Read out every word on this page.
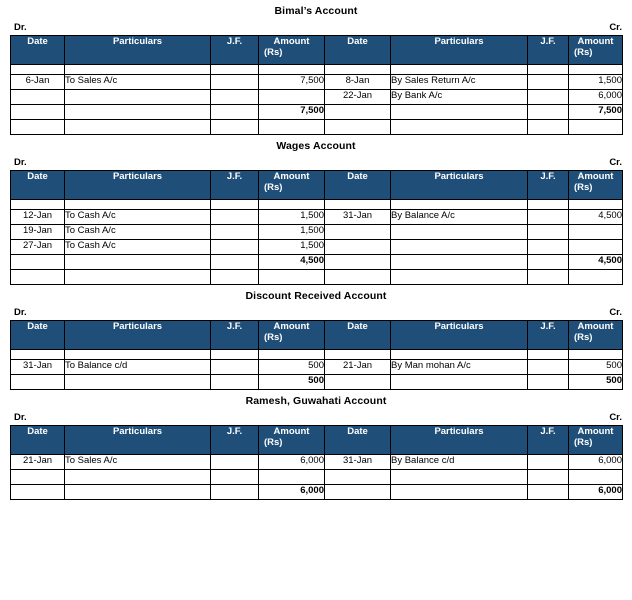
Bimal’s Account
Dr.	Cr.
Date	Particulars	J.F.	Amount
(Rs)	Date	Particulars	J.F.	Amount
(Rs)

6-Jan	To Sales A/c		7,500	8-Jan	By Sales Return A/c		1,500
				22-Jan	By Bank A/c		6,000
			7,500				7,500

Wages Account
Dr.	Cr.
Date	Particulars	J.F.	Amount
(Rs)	Date	Particulars	J.F.	Amount
(Rs)

12-Jan	To Cash A/c		1,500	31-Jan	By Balance A/c		4,500
19-Jan	To Cash A/c		1,500				
27-Jan	To Cash A/c		1,500				
			4,500				4,500

Discount Received Account
Dr.	Cr.
Date	Particulars	J.F.	Amount
(Rs)	Date	Particulars	J.F.	Amount
(Rs)

31-Jan	To Balance c/d		500	21-Jan	By Man mohan A/c		500
			500				500
Ramesh, Guwahati Account
Dr.	Cr.
Date	Particulars	J.F.	Amount
(Rs)	Date	Particulars	J.F.	Amount
(Rs)

21-Jan	To Sales A/c		6,000	31-Jan	By Balance c/d		6,000

			6,000				6,000
